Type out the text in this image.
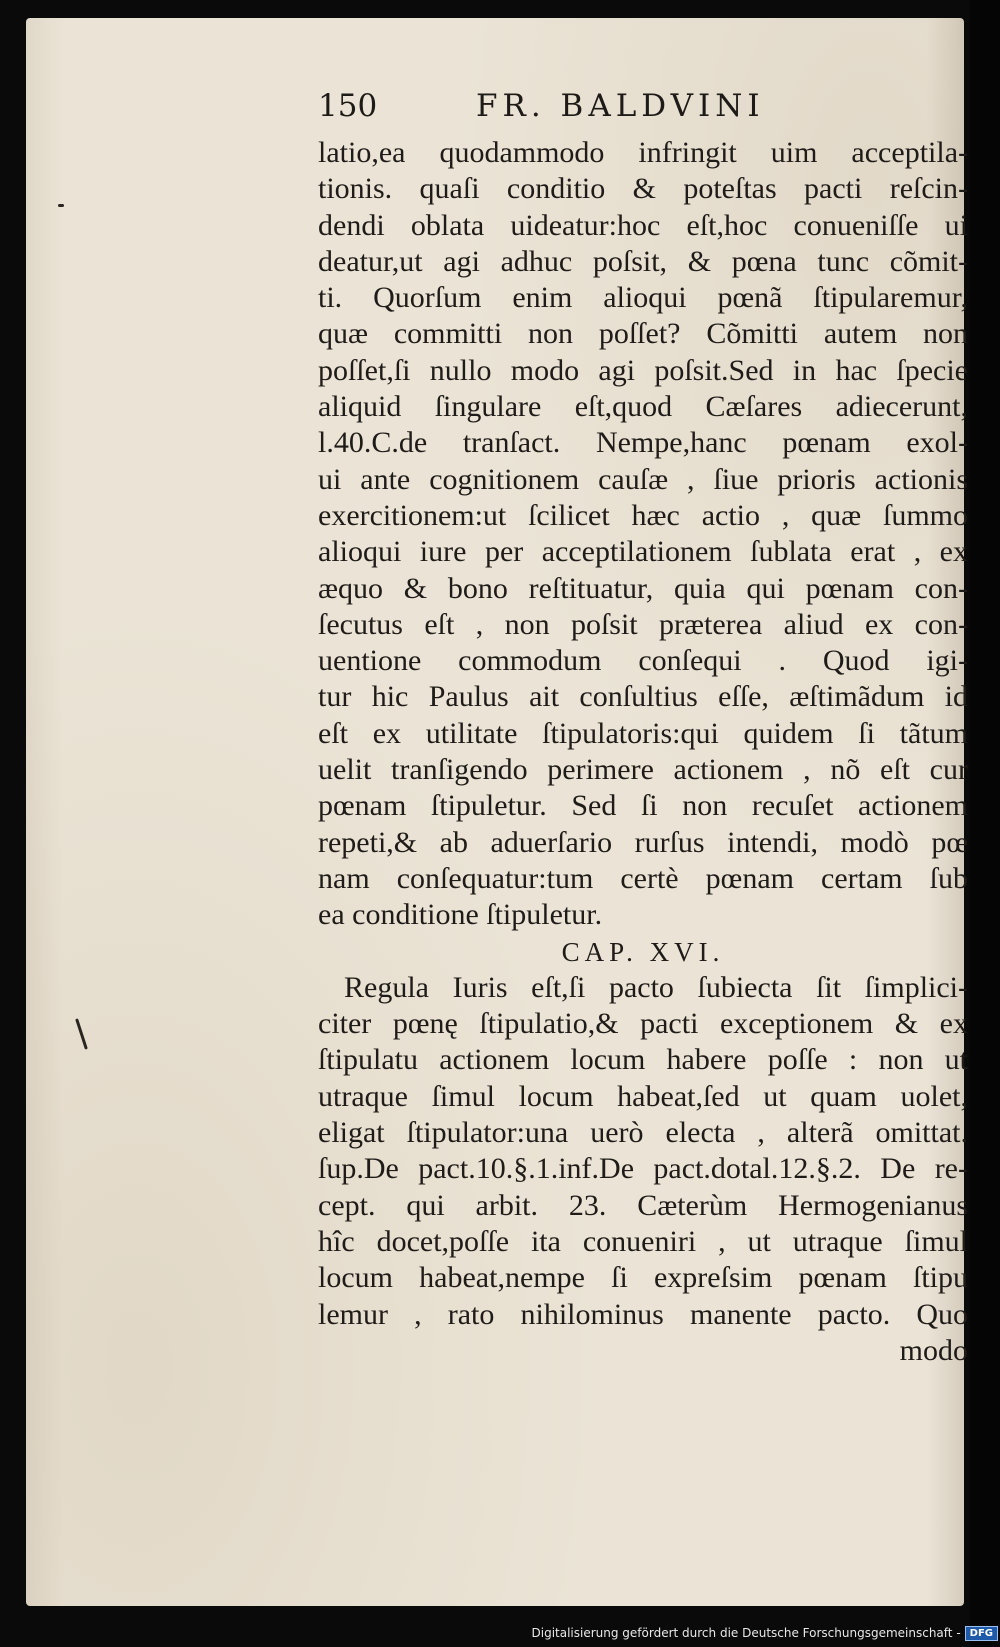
150	FR. BALDVINI
latio,ea quodammodo infringit uim acceptila-
tionis. quaſi conditio & poteſtas pacti reſcin-
dendi oblata uideatur:hoc eſt,hoc conueniſſe ui
deatur,ut agi adhuc poſsit, & pœna tunc cõmit-
ti. Quorſum enim alioqui pœnã ſtipularemur,
quæ committi non poſſet? Cõmitti autem non
poſſet,ſi nullo modo agi poſsit.Sed in hac ſpecie
aliquid ſingulare eſt,quod Cæſares adiecerunt,
l.40.C.de tranſact. Nempe,hanc pœnam exol-
ui ante cognitionem cauſæ , ſiue prioris actionis
exercitionem:ut ſcilicet hæc actio , quæ ſummo
alioqui iure per acceptilationem ſublata erat , ex
æquo & bono reſtituatur, quia qui pœnam con-
ſecutus eſt , non poſsit præterea aliud ex con-
uentione commodum conſequi . Quod igi-
tur hic Paulus ait conſultius eſſe, æſtimãdum id
eſt ex utilitate ſtipulatoris:qui quidem ſi tãtum
uelit tranſigendo perimere actionem , nõ eſt cur
pœnam ſtipuletur. Sed ſi non recuſet actionem
repeti,& ab aduerſario rurſus intendi, modò pœ
nam conſequatur:tum certè pœnam certam ſub
ea conditione ſtipuletur.
CAP. XVI.
Regula Iuris eſt,ſi pacto ſubiecta ſit ſimplici-
citer pœnę ſtipulatio,& pacti exceptionem & ex
ſtipulatu actionem locum habere poſſe : non ut
utraque ſimul locum habeat,ſed ut quam uolet,
eligat ſtipulator:una uerò electa , alterã omittat.
ſup.De pact.10.§.1.inf.De pact.dotal.12.§.2. De re-
cept. qui arbit. 23. Cæterùm Hermogenianus
hîc docet,poſſe ita conueniri , ut utraque ſimul
locum habeat,nempe ſi expreſsim pœnam ſtipu
lemur , rato nihilominus manente pacto. Quo
modo
Digitalisierung gefördert durch die Deutsche Forschungsgemeinschaft - DFG
